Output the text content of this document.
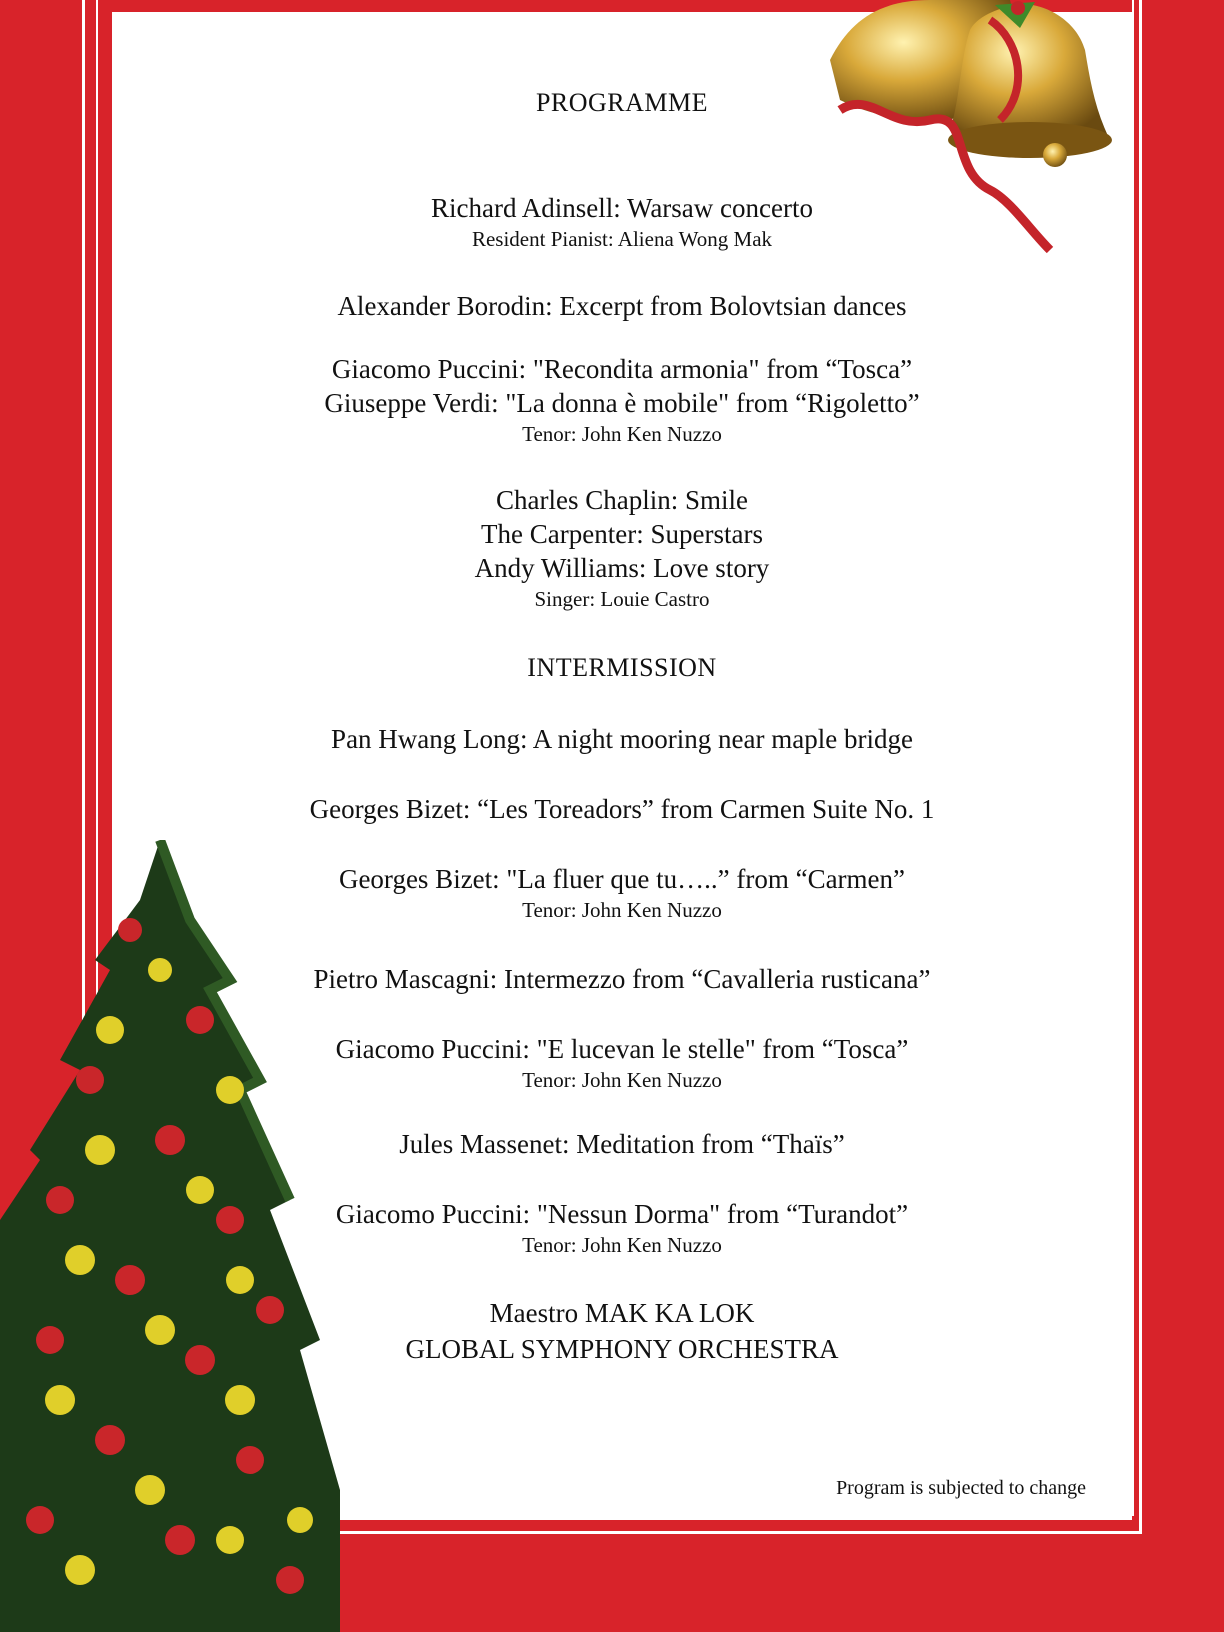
PROGRAMME
Richard Adinsell: Warsaw concerto
Resident Pianist: Aliena Wong Mak
Alexander Borodin: Excerpt from Bolovtsian dances
Giacomo Puccini: "Recondita armonia" from “Tosca”
Giuseppe Verdi: "La donna è mobile" from “Rigoletto”
Tenor: John Ken Nuzzo
Charles Chaplin: Smile
The Carpenter: Superstars
Andy Williams: Love story
Singer: Louie Castro
INTERMISSION
Pan Hwang Long: A night mooring near maple bridge
Georges Bizet: “Les Toreadors” from Carmen Suite No. 1
Georges Bizet: "La fluer que tu…..” from “Carmen”
Tenor: John Ken Nuzzo
Pietro Mascagni: Intermezzo from “Cavalleria rusticana”
Giacomo Puccini: "E lucevan le stelle" from “Tosca”
Tenor: John Ken Nuzzo
Jules Massenet: Meditation from “Thaïs”
Giacomo Puccini: "Nessun Dorma" from “Turandot”
Tenor: John Ken Nuzzo
Maestro MAK KA LOK
GLOBAL SYMPHONY ORCHESTRA
Program is subjected to change
